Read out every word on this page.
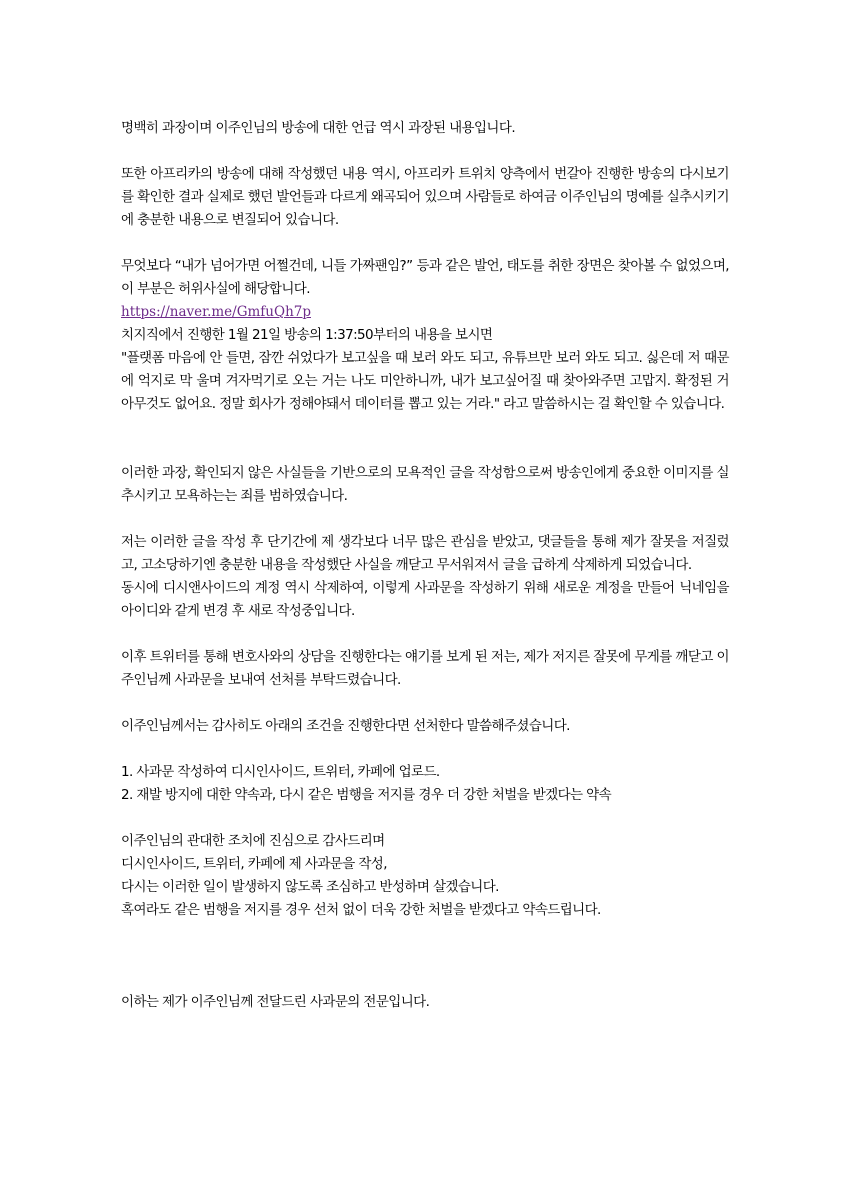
명백히 과장이며 이주인님의 방송에 대한 언급 역시 과장된 내용입니다.

또한 아프리카의 방송에 대해 작성했던 내용 역시, 아프리카 트위치 양측에서 번갈아 진행한 방송의 다시보기를 확인한 결과 실제로 했던 발언들과 다르게 왜곡되어 있으며 사람들로 하여금 이주인님의 명예를 실추시키기에 충분한 내용으로 변질되어 있습니다.

무엇보다 “내가 넘어가면 어쩔건데, 니들 가짜팬임?” 등과 같은 발언, 태도를 취한 장면은 찾아볼 수 없었으며, 이 부분은 허위사실에 해당합니다.

https://naver.me/GmfuQh7p

치지직에서 진행한 1월 21일 방송의 1:37:50부터의 내용을 보시면

"플랫폼 마음에 안 들면, 잠깐 쉬었다가 보고싶을 때 보러 와도 되고, 유튜브만 보러 와도 되고. 싫은데 저 때문에 억지로 막 울며 겨자먹기로 오는 거는 나도 미안하니까, 내가 보고싶어질 때 찾아와주면 고맙지. 확정된 거 아무것도 없어요. 정말 회사가 정해야돼서 데이터를 뽑고 있는 거라." 라고 말씀하시는 걸 확인할 수 있습니다.

이러한 과장, 확인되지 않은 사실들을 기반으로의 모욕적인 글을 작성함으로써 방송인에게 중요한 이미지를 실추시키고 모욕하는는 죄를 범하였습니다.

저는 이러한 글을 작성 후 단기간에 제 생각보다 너무 많은 관심을 받았고, 댓글들을 통해 제가 잘못을 저질렀고, 고소당하기엔 충분한 내용을 작성했단 사실을 깨닫고 무서워져서 글을 급하게 삭제하게 되었습니다.

동시에 디시앤사이드의 계정 역시 삭제하여, 이렇게 사과문을 작성하기 위해 새로운 계정을 만들어 닉네임을 아이디와 같게 변경 후 새로 작성중입니다.

이후 트위터를 통해 변호사와의 상담을 진행한다는 얘기를 보게 된 저는, 제가 저지른 잘못에 무게를 깨닫고 이주인님께 사과문을 보내여 선처를 부탁드렸습니다.

이주인님께서는 감사히도 아래의 조건을 진행한다면 선처한다 말씀해주셨습니다.

1. 사과문 작성하여 디시인사이드, 트위터, 카페에 업로드.
2. 재발 방지에 대한 약속과, 다시 같은 범행을 저지를 경우 더 강한 처벌을 받겠다는 약속
이주인님의 관대한 조치에 진심으로 감사드리며
디시인사이드, 트위터, 카페에 제 사과문을 작성,
다시는 이러한 일이 발생하지 않도록 조심하고 반성하며 살겠습니다.
혹여라도 같은 범행을 저지를 경우 선처 없이 더욱 강한 처벌을 받겠다고 약속드립니다.

이하는 제가 이주인님께 전달드린 사과문의 전문입니다.
